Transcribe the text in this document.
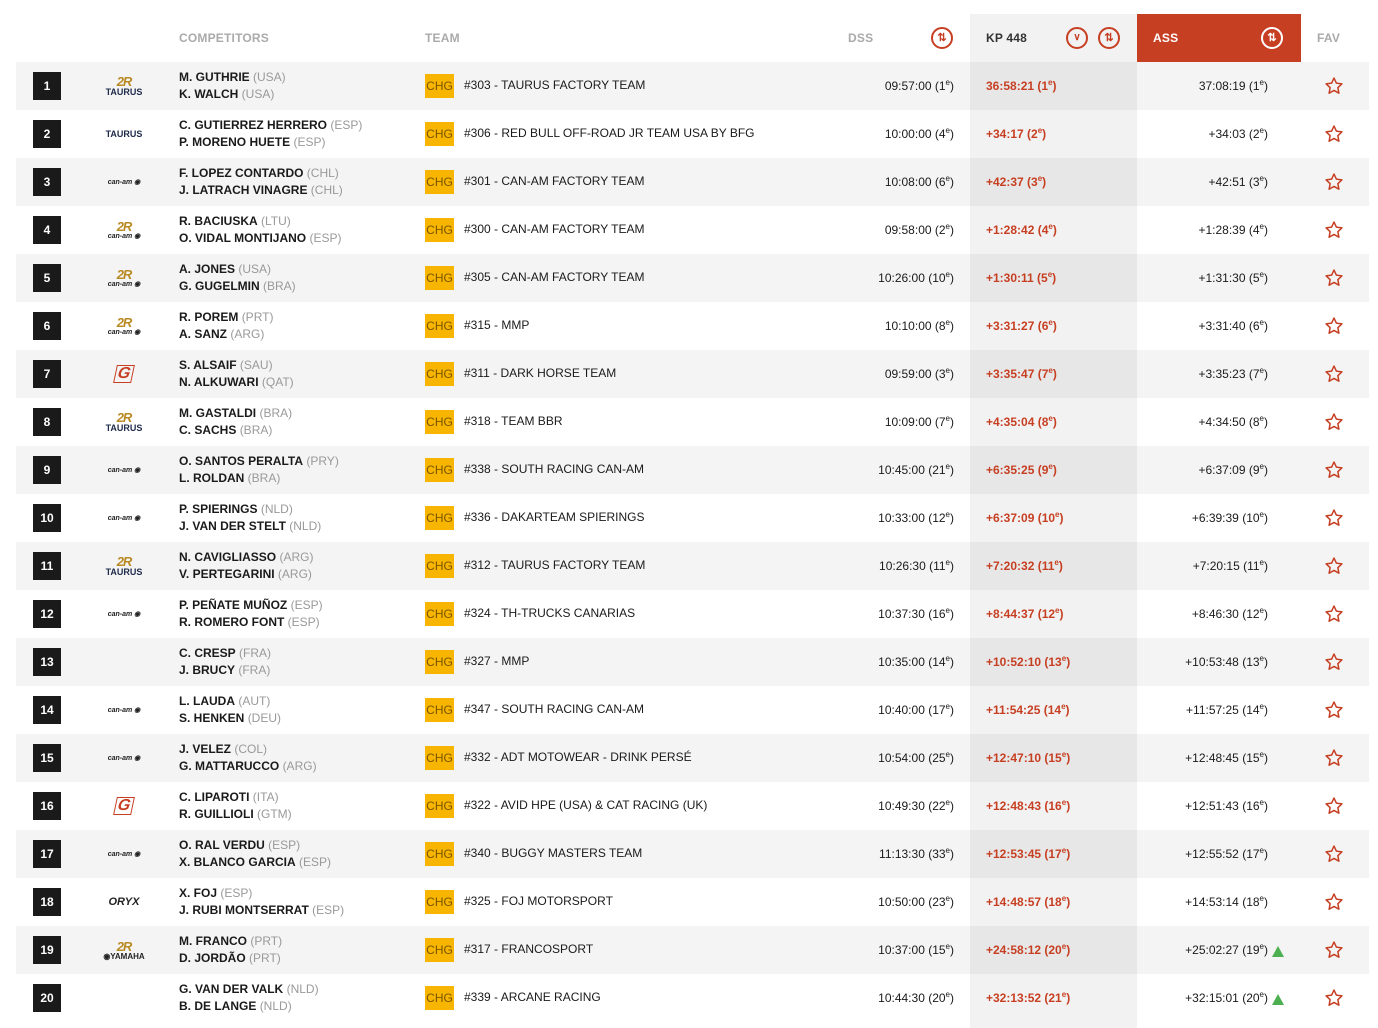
COMPETITORS	TEAM	DSS	⇅	KP 448	∨	⇅	ASS	⇅	FAV
1	2R
TAURUS
M. GUTHRIE (USA)
K. WALCH (USA)
CHG #303 - TAURUS FACTORY TEAM	09:57:00 (1e)	36:58:21 (1e)	37:08:19 (1e)
2	TAURUS
C. GUTIERREZ HERRERO (ESP)
P. MORENO HUETE (ESP)
CHG #306 - RED BULL OFF-ROAD JR TEAM USA BY BFG	10:00:00 $(4^e)$	+34:17 $(2^e)$	+34:03 (2e)
3	can-am ◉
F. LOPEZ CONTARDO (CHL)
J. LATRACH VINAGRE (CHL)
CHG #301 - CAN-AM FACTORY TEAM	10:08:00 $(6^e)$	+42:37 $(3^e)$	+42:51 (3e)
4	2R
can-am ◉
R. BACIUSKA (LTU)
O. VIDAL MONTIJANO (ESP)
CHG #300 - CAN-AM FACTORY TEAM	09:58:00 $(2^e)$	+1:28:42 $(4^e)$	+1:28:39 (4e)
5	2R
can-am ◉
A. JONES (USA)
G. GUGELMIN (BRA)
CHG #305 - CAN-AM FACTORY TEAM	10:26:00 $(10^e)$	+1:30:11 $(5^e)$	+1:31:30 (5e)
6	2R
can-am ◉
R. POREM (PRT)
A. SANZ (ARG)
CHG #315 - MMP	10:10:00 $(8^e)$	+3:31:27 $(6^e)$	+3:31:40 (6e)
7	G	S. ALSAIF (SAU)
N. ALKUWARI (QAT)
CHG #311 - DARK HORSE TEAM	09:59:00 $(3^e)$	+3:35:47 $(7^e)$	+3:35:23 (7e)
8	2R
TAURUS
M. GASTALDI (BRA)
C. SACHS (BRA)
CHG #318 - TEAM BBR	10:09:00 $(7^e)$	+4:35:04 $(8^e)$	+4:34:50 (8e)
9	can-am ◉
O. SANTOS PERALTA (PRY)
L. ROLDAN (BRA)
CHG #338 - SOUTH RACING CAN-AM	10:45:00 $(21^e)$	+6:35:25 $(9^e)$	+6:37:09 (9e)
10	can-am ◉
P. SPIERINGS (NLD)
J. VAN DER STELT (NLD)
CHG #336 - DAKARTEAM SPIERINGS	10:33:00 $(12^e)$	+6:37:09 $(10^e)$	+6:39:39 (10e)
11	2R
TAURUS
N. CAVIGLIASSO (ARG)
V. PERTEGARINI (ARG)
CHG #312 - TAURUS FACTORY TEAM	10:26:30 $(11^e)$	+7:20:32 $(11^e)$	+7:20:15 (11e)
12	can-am ◉
P. PEÑATE MUÑOZ (ESP)
R. ROMERO FONT (ESP)
CHG #324 - TH-TRUCKS CANARIAS	10:37:30 $(16^e)$	+8:44:37 $(12^e)$	+8:46:30 (12e)
13
C. CRESP (FRA)
J. BRUCY (FRA)
CHG #327 - MMP	10:35:00 $(14^e)$	+10:52:10 $(13^e)$	+10:53:48 (13e)
14	can-am ◉
L. LAUDA (AUT)
S. HENKEN (DEU)
CHG #347 - SOUTH RACING CAN-AM	10:40:00 $(17^e)$	+11:54:25 $(14^e)$	+11:57:25 (14e)
15	can-am ◉
J. VELEZ (COL)
G. MATTARUCCO (ARG)
CHG #332 - ADT MOTOWEAR - DRINK PERSÉ	10:54:00 $(25^e)$	+12:47:10 $(15^e)$	+12:48:45 (15e)
16	G	C. LIPAROTI (ITA)
R. GUILLIOLI (GTM)
CHG #322 - AVID HPE (USA) & CAT RACING (UK)	10:49:30 $(22^e)$	+12:48:43 $(16^e)$	+12:51:43 (16e)
17	can-am ◉
O. RAL VERDU (ESP)
X. BLANCO GARCIA (ESP)
CHG #340 - BUGGY MASTERS TEAM	11:13:30 $(33^e)$	+12:53:45 $(17^e)$	+12:55:52 (17e)
18	ORYX
X. FOJ (ESP)
J. RUBI MONTSERRAT (ESP)
CHG #325 - FOJ MOTORSPORT	10:50:00 $(23^e)$	+14:48:57 $(18^e)$	+14:53:14 (18e)
19	2R
◉YAMAHA
M. FRANCO (PRT)
D. JORDÃO (PRT)
CHG #317 - FRANCOSPORT	10:37:00 $(15^e)$	+24:58:12 $(20^e)$	+25:02:27 (19e)
20
G. VAN DER VALK (NLD)
B. DE LANGE (NLD)
CHG #339 - ARCANE RACING	10:44:30 $(20^e)$	+32:13:52 $(21^e)$	+32:15:01 (20e)
